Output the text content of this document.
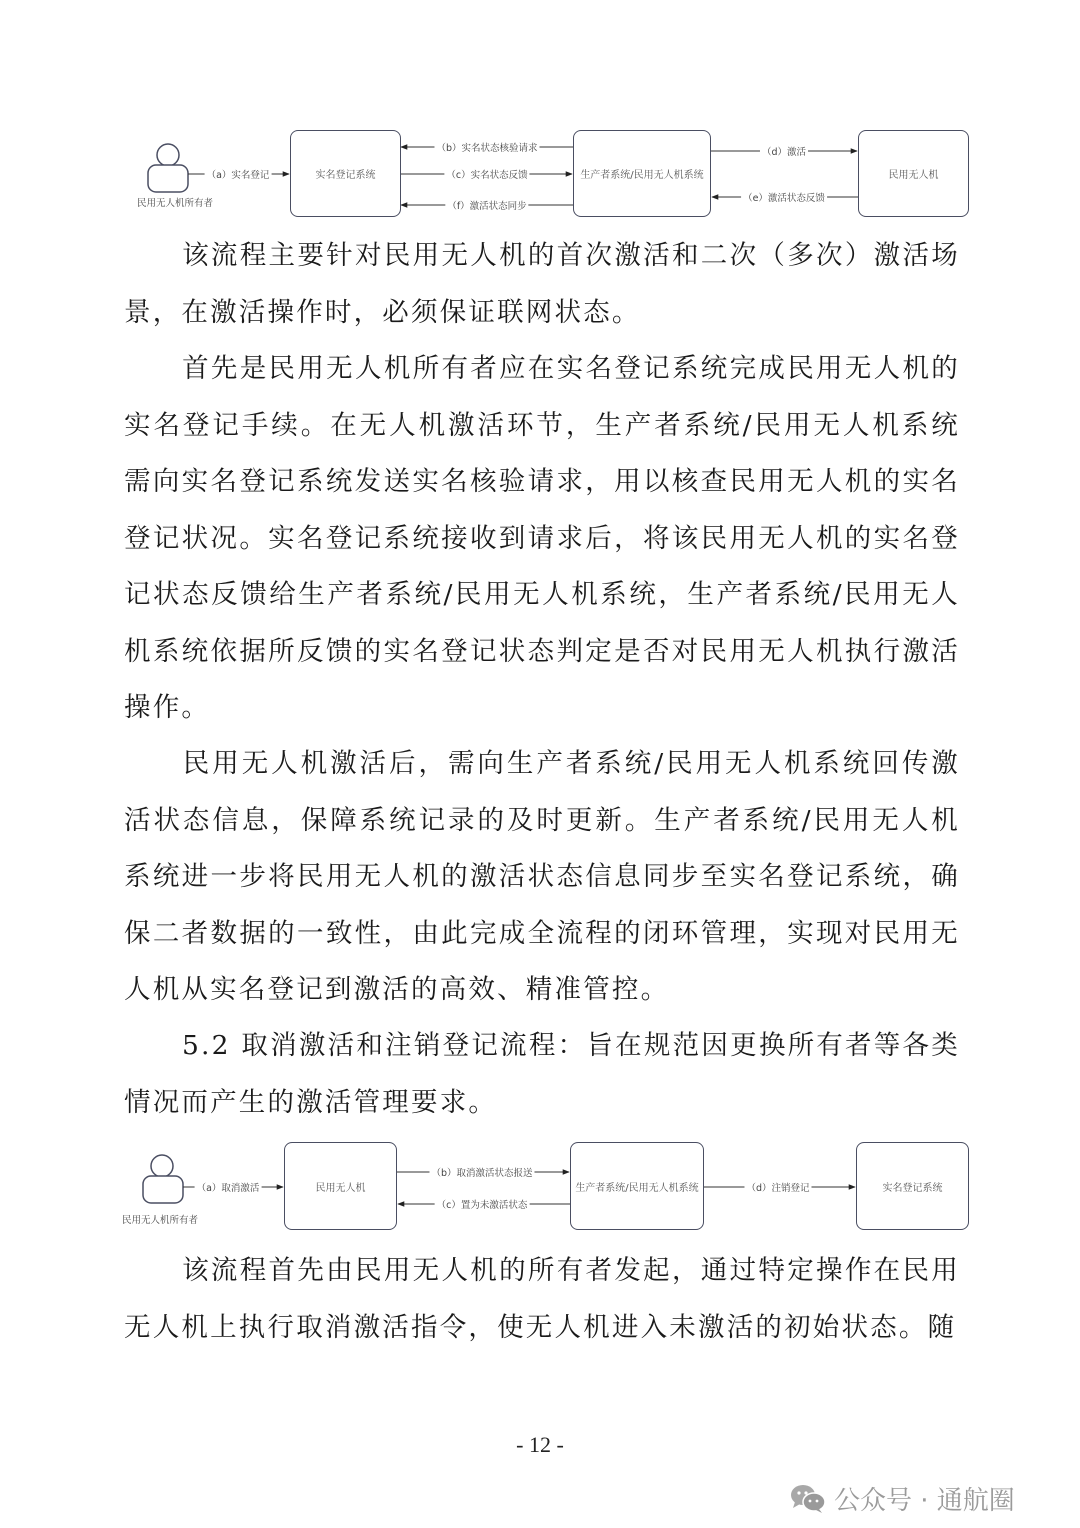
民用无人机所有者
实名登记系统	生产者系统/民用无人机系统	民用无人机
（a）实名登记
（b）实名状态核验请求
（c）实名状态反馈
（f）激活状态同步
（d）激活
（e）激活状态反馈

该流程主要针对民用无人机的首次激活和二次（多次）激活场景，在激活操作时，必须保证联网状态。

首先是民用无人机所有者应在实名登记系统完成民用无人机的实名登记手续。在无人机激活环节，生产者系统/民用无人机系统需向实名登记系统发送实名核验请求，用以核查民用无人机的实名登记状况。实名登记系统接收到请求后，将该民用无人机的实名登记状态反馈给生产者系统/民用无人机系统，生产者系统/民用无人机系统依据所反馈的实名登记状态判定是否对民用无人机执行激活操作。

民用无人机激活后，需向生产者系统/民用无人机系统回传激活状态信息，保障系统记录的及时更新。生产者系统/民用无人机系统进一步将民用无人机的激活状态信息同步至实名登记系统，确保二者数据的一致性，由此完成全流程的闭环管理，实现对民用无人机从实名登记到激活的高效、精准管控。

5.2 取消激活和注销登记流程：旨在规范因更换所有者等各类情况而产生的激活管理要求。

民用无人机所有者
民用无人机	生产者系统/民用无人机系统	实名登记系统
（a）取消激活
（b）取消激活状态报送
（c）置为未激活状态
（d）注销登记

该流程首先由民用无人机的所有者发起，通过特定操作在民用无人机上执行取消激活指令，使无人机进入未激活的初始状态。随

- 12 -
公众号 · 通航圈
